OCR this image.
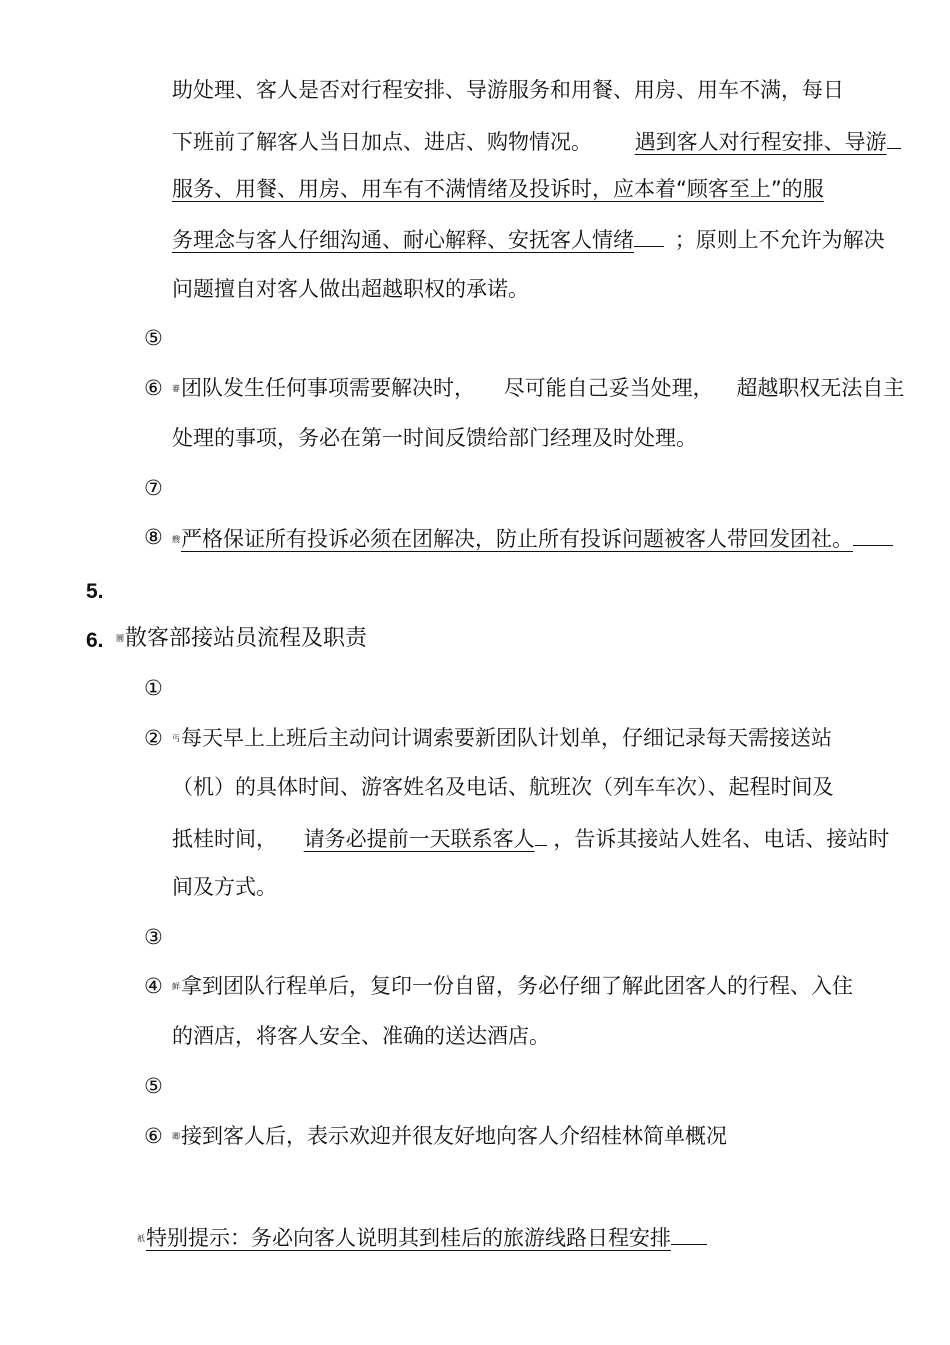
助处理、客人是否对行程安排、导游服务和用餐、用房、用车不满，每日
下班前了解客人当日加点、进店、购物情况。 遇到客人对行程安排、导游
服务、用餐、用房、用车有不满情绪及投诉时，应本着“顾客至上”的服
务理念与客人仔细沟通、耐心解释、安抚客人情绪 ；原则上不允许为解决
问题擅自对客人做出超越职权的承诺。
⑤
⑥ 審团队发生任何事项需要解决时， 尽可能自己妥当处理， 超越职权无法自主
处理的事项，务必在第一时间反馈给部门经理及时处理。
⑦
⑧ 艘严格保证所有投诉必须在团解决，防止所有投诉问题被客人带回发团社。
5.
6. 圜散客部接站员流程及职责
①
② 丐每天早上上班后主动问计调索要新团队计划单，仔细记录每天需接送站
（机）的具体时间、游客姓名及电话、航班次（列车车次）、起程时间及
抵桂时间， 请务必提前一天联系客人 ，告诉其接站人姓名、电话、接站时
间及方式。
③
④ 鲜拿到团队行程单后，复印一份自留，务必仔细了解此团客人的行程、入住
的酒店，将客人安全、准确的送达酒店。
⑤
⑥ 卿接到客人后，表示欢迎并很友好地向客人介绍桂林简单概况
祇特别提示：务必向客人说明其到桂后的旅游线路日程安排
